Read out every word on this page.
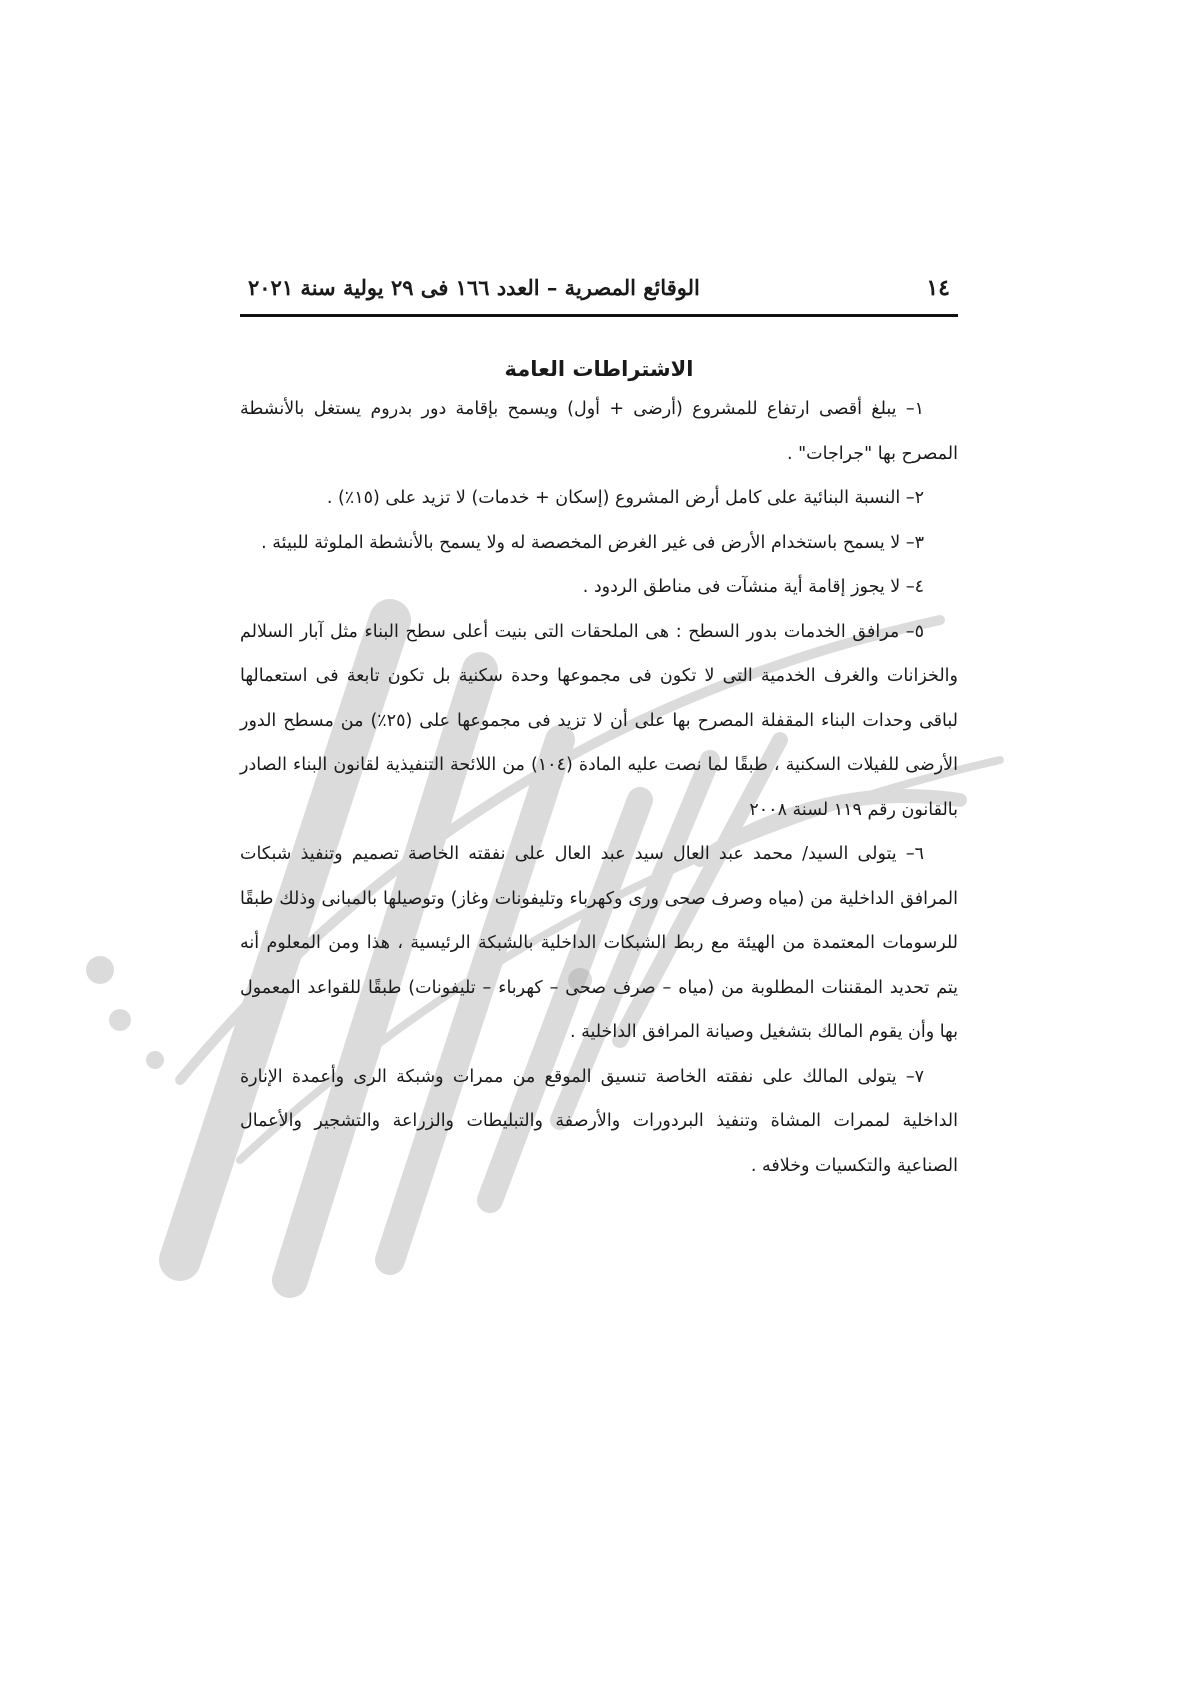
١٤
الوقائع المصرية – العدد ١٦٦ فى ٢٩ يولية سنة ٢٠٢١
الاشتراطات العامة

١– يبلغ أقصى ارتفاع للمشروع (أرضى + أول) ويسمح بإقامة دور بدروم يستغل بالأنشطة المصرح بها "جراجات" .

٢– النسبة البنائية على كامل أرض المشروع (إسكان + خدمات) لا تزيد على (١٥٪) .

٣– لا يسمح باستخدام الأرض فى غير الغرض المخصصة له ولا يسمح بالأنشطة الملوثة للبيئة .

٤– لا يجوز إقامة أية منشآت فى مناطق الردود .

٥– مرافق الخدمات بدور السطح : هى الملحقات التى بنيت أعلى سطح البناء مثل آبار السلالم والخزانات والغرف الخدمية التى لا تكون فى مجموعها وحدة سكنية بل تكون تابعة فى استعمالها لباقى وحدات البناء المقفلة المصرح بها على أن لا تزيد فى مجموعها على (٢٥٪) من مسطح الدور الأرضى للفيلات السكنية ، طبقًا لما نصت عليه المادة (١٠٤) من اللائحة التنفيذية لقانون البناء الصادر بالقانون رقم ١١٩ لسنة ٢٠٠٨

٦– يتولى السيد/ محمد عبد العال سيد عبد العال على نفقته الخاصة تصميم وتنفيذ شبكات المرافق الداخلية من (مياه وصرف صحى ورى وكهرباء وتليفونات وغاز) وتوصيلها بالمبانى وذلك طبقًا للرسومات المعتمدة من الهيئة مع ربط الشبكات الداخلية بالشبكة الرئيسية ، هذا ومن المعلوم أنه يتم تحديد المقننات المطلوبة من (مياه – صرف صحى – كهرباء – تليفونات) طبقًا للقواعد المعمول بها وأن يقوم المالك بتشغيل وصيانة المرافق الداخلية .

٧– يتولى المالك على نفقته الخاصة تنسيق الموقع من ممرات وشبكة الرى وأعمدة الإنارة الداخلية لممرات المشاة وتنفيذ البردورات والأرصفة والتبليطات والزراعة والتشجير والأعمال الصناعية والتكسيات وخلافه .
